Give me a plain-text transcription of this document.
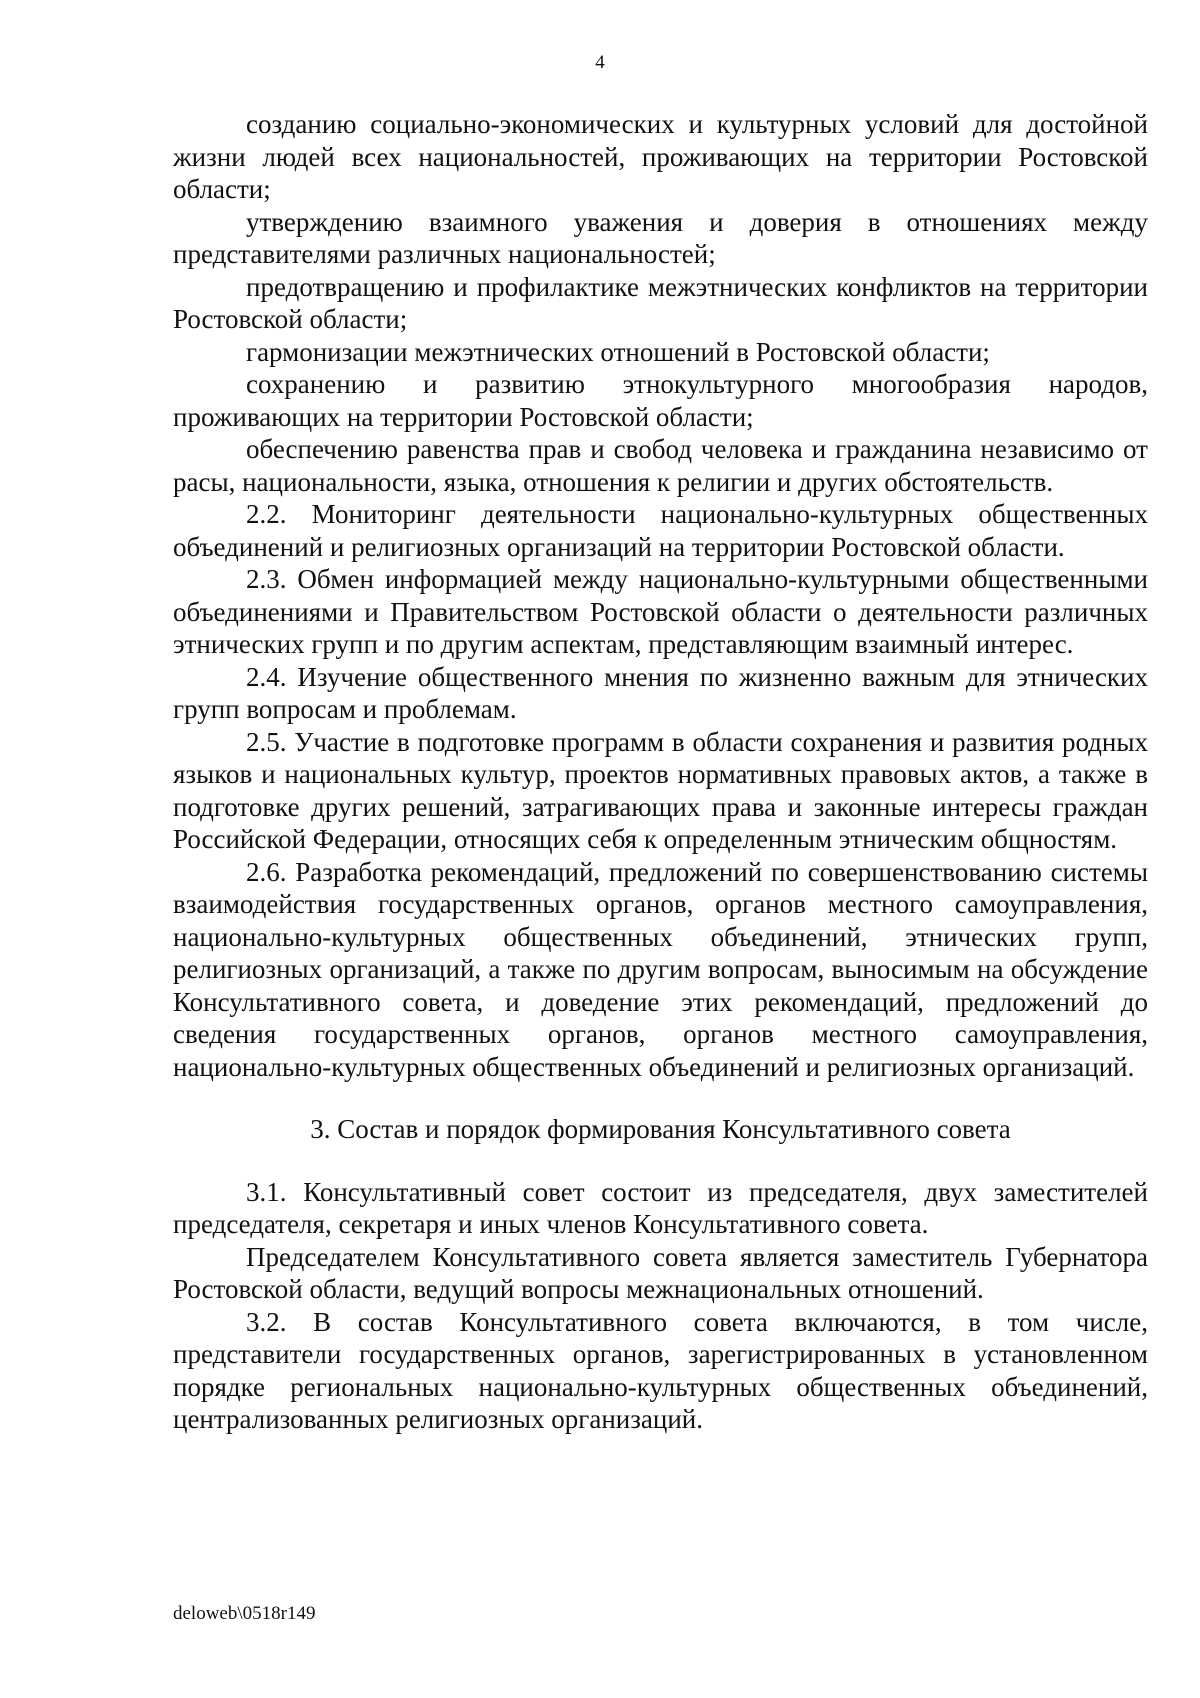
4

созданию социально-экономических и культурных условий для достойной жизни людей всех национальностей, проживающих на территории Ростовской области;

утверждению взаимного уважения и доверия в отношениях между представителями различных национальностей;

предотвращению и профилактике межэтнических конфликтов на территории Ростовской области;

гармонизации межэтнических отношений в Ростовской области;

сохранению и развитию этнокультурного многообразия народов, проживающих на территории Ростовской области;

обеспечению равенства прав и свобод человека и гражданина независимо от расы, национальности, языка, отношения к религии и других обстоятельств.

2.2. Мониторинг деятельности национально-культурных общественных объединений и религиозных организаций на территории Ростовской области.

2.3. Обмен информацией между национально-культурными общественными объединениями и Правительством Ростовской области о деятельности различных этнических групп и по другим аспектам, представляющим взаимный интерес.

2.4. Изучение общественного мнения по жизненно важным для этнических групп вопросам и проблемам.

2.5. Участие в подготовке программ в области сохранения и развития родных языков и национальных культур, проектов нормативных правовых актов, а также в подготовке других решений, затрагивающих права и законные интересы граждан Российской Федерации, относящих себя к определенным этническим общностям.

2.6. Разработка рекомендаций, предложений по совершенствованию системы взаимодействия государственных органов, органов местного самоуправления, национально-культурных общественных объединений, этнических групп, религиозных организаций, а также по другим вопросам, выносимым на обсуждение Консультативного совета, и доведение этих рекомендаций, предложений до сведения государственных органов, органов местного самоуправления, национально-культурных общественных объединений и религиозных организаций.

3. Состав и порядок формирования Консультативного совета

3.1. Консультативный совет состоит из председателя, двух заместителей председателя, секретаря и иных членов Консультативного совета.

Председателем Консультативного совета является заместитель Губернатора Ростовской области, ведущий вопросы межнациональных отношений.

3.2. В состав Консультативного совета включаются, в том числе, представители государственных органов, зарегистрированных в установленном порядке региональных национально-культурных общественных объединений, централизованных религиозных организаций.

deloweb\0518r149
